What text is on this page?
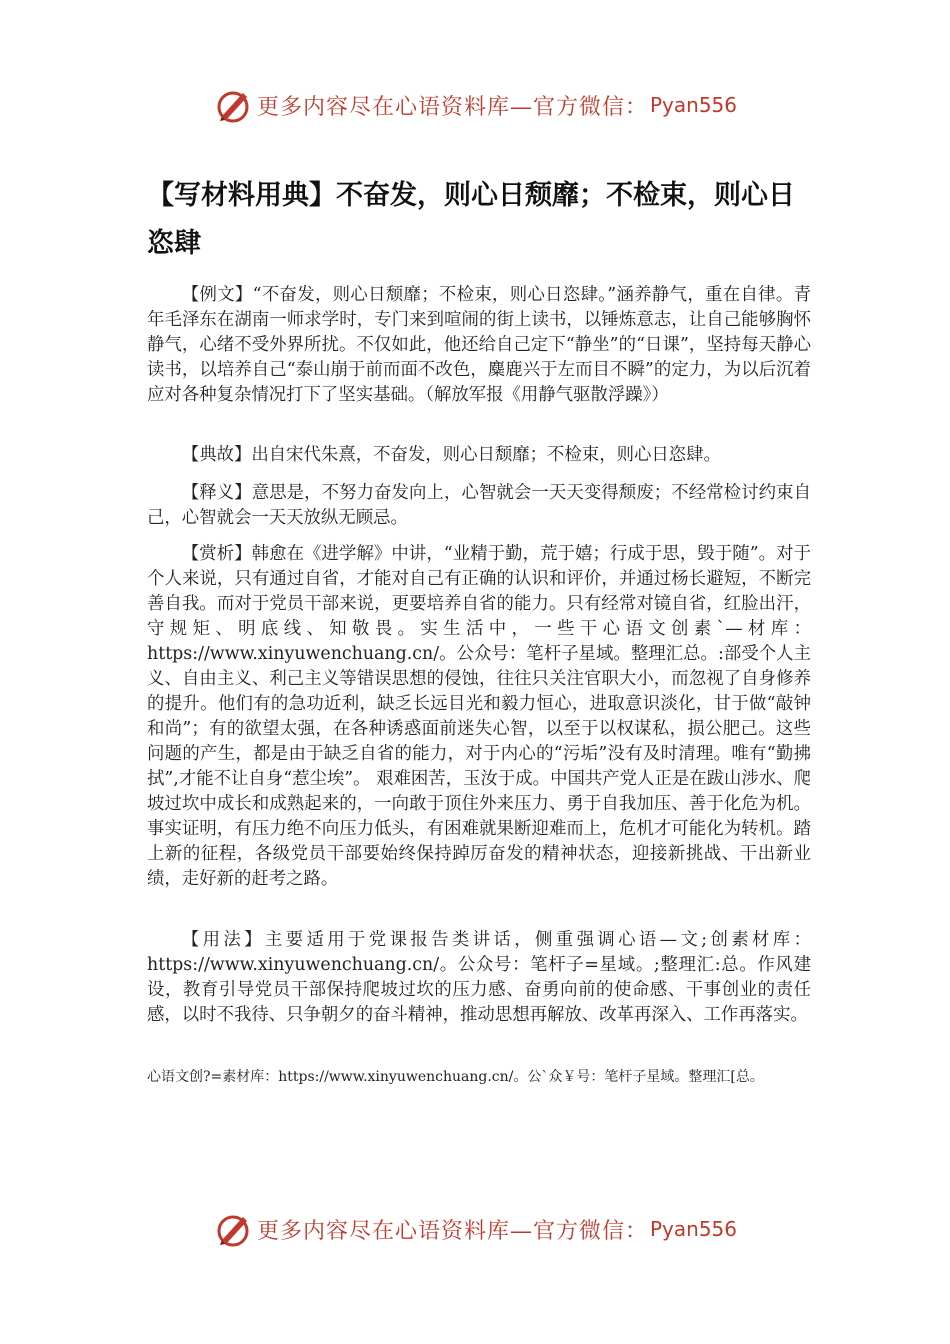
更多内容尽在心语资料库—官方微信： Pyan556
【写材料用典】不奋发，则心日颓靡；不检束，则心日恣肆

【例文】“不奋发，则心日颓靡；不检束，则心日恣肆。”涵养静气，重在自律。青年毛泽东在湖南一师求学时，专门来到喧闹的街上读书，以锤炼意志，让自己能够胸怀静气，心绪不受外界所扰。不仅如此，他还给自己定下“静坐”的“日课”，坚持每天静心读书，以培养自己“泰山崩于前而面不改色，麋鹿兴于左而目不瞬”的定力，为以后沉着应对各种复杂情况打下了坚实基础。（解放军报《用静气驱散浮躁》）

【典故】出自宋代朱熹，不奋发，则心日颓靡；不检束，则心日恣肆。

【释义】意思是，不努力奋发向上，心智就会一天天变得颓废；不经常检讨约束自己，心智就会一天天放纵无顾忌。

【赏析】韩愈在《进学解》中讲，“业精于勤，荒于嬉；行成于思，毁于随”。对于个人来说，只有通过自省，才能对自己有正确的认识和评价，并通过杨长避短，不断完善自我。而对于党员干部来说，更要培养自省的能力。只有经常对镜自省，红脸出汗，守规矩、明底线、知敬畏。实生活中，一些干心语文创素`—材库：https://www.xinyuwenchuang.cn/。公众号：笔杆子星域。整理汇总。:部受个人主义、自由主义、利己主义等错误思想的侵蚀，往往只关注官职大小，而忽视了自身修养的提升。他们有的急功近利，缺乏长远目光和毅力恒心，进取意识淡化，甘于做“敲钟和尚”；有的欲望太强，在各种诱惑面前迷失心智，以至于以权谋私，损公肥己。这些问题的产生，都是由于缺乏自省的能力，对于内心的“污垢”没有及时清理。唯有“勤拂拭”,才能不让自身“惹尘埃”。 艰难困苦，玉汝于成。中国共产党人正是在跋山涉水、爬坡过坎中成长和成熟起来的，一向敢于顶住外来压力、勇于自我加压、善于化危为机。事实证明，有压力绝不向压力低头，有困难就果断迎难而上，危机才可能化为转机。踏上新的征程，各级党员干部要始终保持踔厉奋发的精神状态，迎接新挑战、干出新业绩，走好新的赶考之路。

【用法】主要适用于党课报告类讲话，侧重强调心语—文;创素材库：https://www.xinyuwenchuang.cn/。公众号：笔杆子=星域。;整理汇:总。作风建设，教育引导党员干部保持爬坡过坎的压力感、奋勇向前的使命感、干事创业的责任感，以时不我待、只争朝夕的奋斗精神，推动思想再解放、改革再深入、工作再落实。

心语文创?=素材库：https://www.xinyuwenchuang.cn/。公`众￥号：笔杆子星域。整理汇[总。

更多内容尽在心语资料库—官方微信： Pyan556
